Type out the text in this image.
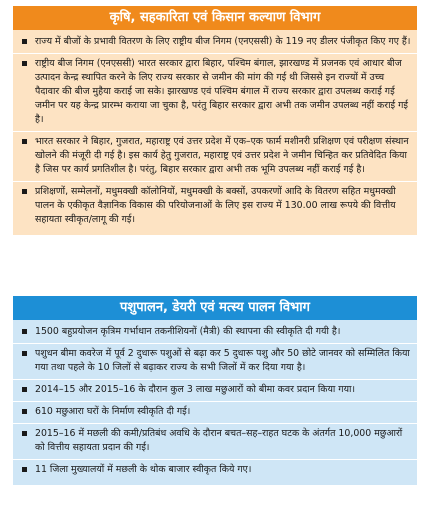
कृषि, सहकारिता एवं किसान कल्याण विभाग
राज्य में बीजों के प्रभावी वितरण के लिए राष्ट्रीय बीज निगम (एनएससी) के 119 नए डीलर पंजीकृत किए गए हैं।
राष्ट्रीय बीज निगम (एनएससी) भारत सरकार द्वारा बिहार, पश्चिम बंगाल, झारखण्ड में प्रजनक एवं आधार बीज उत्पादन केन्द्र स्थापित करने के लिए राज्य सरकार से जमीन की मांग की गई थी जिससे इन राज्यों में उच्च पैदावार की बीज मुहैया कराई जा सके। झारखण्ड एवं पश्चिम बंगाल में राज्य सरकार द्वारा उपलब्ध कराई गई जमीन पर यह केन्द्र प्रारम्भ कराया जा चुका है, परंतु बिहार सरकार द्वारा अभी तक जमीन उपलब्ध नहीं कराई गई है।
भारत सरकार ने बिहार, गुजरात, महाराष्ट्र एवं उत्तर प्रदेश में एक–एक फार्म मशीनरी प्रशिक्षण एवं परीक्षण संस्थान खोलने की मंजूरी दी गई है। इस कार्य हेतु गुजरात, महाराष्ट्र एवं उत्तर प्रदेश ने जमीन चिन्हित कर प्रतिवेदित किया है जिस पर कार्य प्रगतिशील है। परंतु, बिहार सरकार द्वारा अभी तक भूमि उपलब्ध नहीं कराई गई है।
प्रशिक्षणों, सम्मेलनों, मधुमक्खी कॉलोनियों, मधुमक्खी के बक्सों, उपकरणों आदि के वितरण सहित मधुमक्खी पालन के एकीकृत वैज्ञानिक विकास की परियोजनाओं के लिए इस राज्य में 130.00 लाख रूपये की वित्तीय सहायता स्वीकृत/लागू की गई।
पशुपालन, डेयरी एवं मत्स्य पालन विभाग
1500 बहुप्रयोजन कृत्रिम गर्भाधान तकनीशियनों (मैत्री) की स्थापना की स्वीकृति दी गयी है।
पशुधन बीमा कवरेज में पूर्व 2 दुधारू पशुओं से बढ़ा कर 5 दुधारू पशु और 50 छोटे जानवर को सम्मिलित किया गया तथा पहले के 10 जिलों से बढ़ाकर राज्य के सभी जिलों में कर दिया गया है।
2014–15 और 2015–16 के दौरान कुल 3 लाख मछुआरों को बीमा कवर प्रदान किया गया।
610 मछुआरा घरों के निर्माण स्वीकृति दी गई।
2015–16 में मछली की कमी/प्रतिबंध अवधि के दौरान बचत–सह–राहत घटक के अंतर्गत 10,000 मछुआरों को वित्तीय सहायता प्रदान की गई।
11 जिला मुख्यालयों में मछली के थोक बाजार स्वीकृत किये गए।
